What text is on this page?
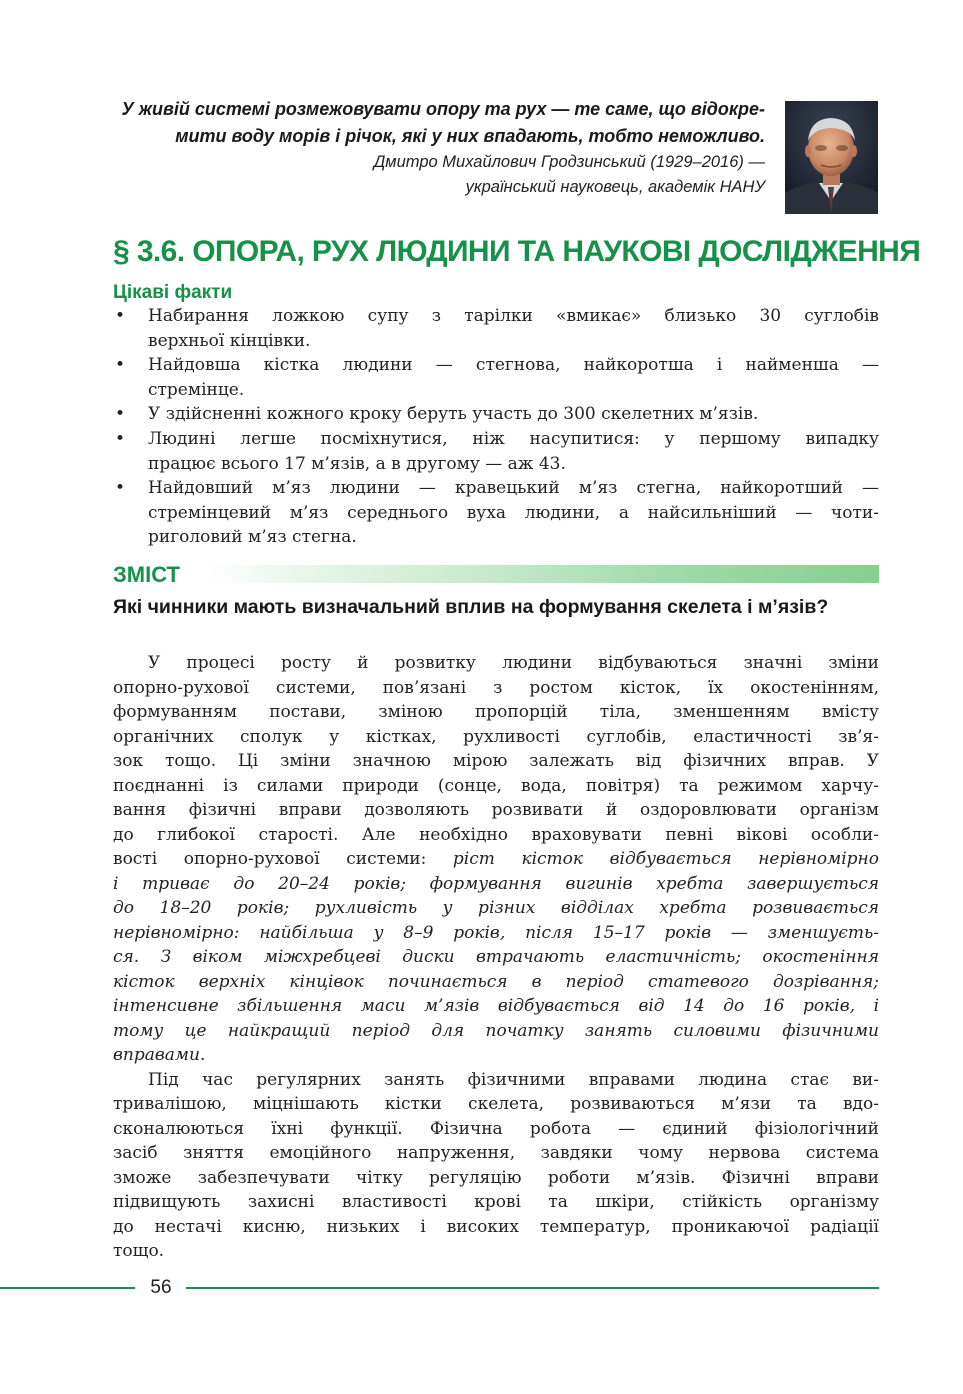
У живій системі розмежовувати опору та рух — те саме, що відокре-
мити воду морів і річок, які у них впадають, тобто неможливо.
Дмитро Михайлович Гродзинський (1929–2016) —
український науковець, академік НАНУ
§ 3.6. ОПОРА, РУХ ЛЮДИНИ ТА НАУКОВІ ДОСЛІДЖЕННЯ
Цікаві факти
• Набирання ложкою супу з тарілки «вмикає» близько 30 суглобів
верхньої кінцівки.
• Найдовша кістка людини — стегнова, найкоротша і найменша —
стремінце.
• У здійсненні кожного кроку беруть участь до 300 скелетних м’язів.
• Людині легше посміхнутися, ніж насупитися: у першому випадку
працює всього 17 м’язів, а в другому — аж 43.
• Найдовший м’яз людини — кравецький м’яз стегна, найкоротший —
стремінцевий м’яз середнього вуха людини, а найсильніший — чоти-
риголовий м’яз стегна.
ЗМІСТ
Які чинники мають визначальний вплив на формування скелета і м’язів?
У процесі росту й розвитку людини відбуваються значні зміни
опорно-рухової системи, пов’язані з ростом кісток, їх окостенінням,
формуванням постави, зміною пропорцій тіла, зменшенням вмісту
органічних сполук у кістках, рухливості суглобів, еластичності зв’я-
зок тощо. Ці зміни значною мірою залежать від фізичних вправ. У
поєднанні із силами природи (сонце, вода, повітря) та режимом харчу-
вання фізичні вправи дозволяють розвивати й оздоровлювати організм
до глибокої старості. Але необхідно враховувати певні вікові особли-
вості опорно-рухової системи: ріст кісток відбувається нерівномірно
і триває до 20–24 років; формування вигинів хребта завершується
до 18–20 років; рухливість у різних відділах хребта розвивається
нерівномірно: найбільша у 8–9 років, після 15–17 років — зменшуєть-
ся. З віком міжхребцеві диски втрачають еластичність; окостеніння
кісток верхніх кінцівок починається в період статевого дозрівання;
інтенсивне збільшення маси м’язів відбувається від 14 до 16 років, і
тому це найкращий період для початку занять силовими фізичними
вправами.
Під час регулярних занять фізичними вправами людина стає ви-
тривалішою, міцнішають кістки скелета, розвиваються м’язи та вдо-
сконалюються їхні функції. Фізична робота — єдиний фізіологічний
засіб зняття емоційного напруження, завдяки чому нервова система
зможе забезпечувати чітку регуляцію роботи м’язів. Фізичні вправи
підвищують захисні властивості крові та шкіри, стійкість організму
до нестачі кисню, низьких і високих температур, проникаючої радіації
тощо.
56
